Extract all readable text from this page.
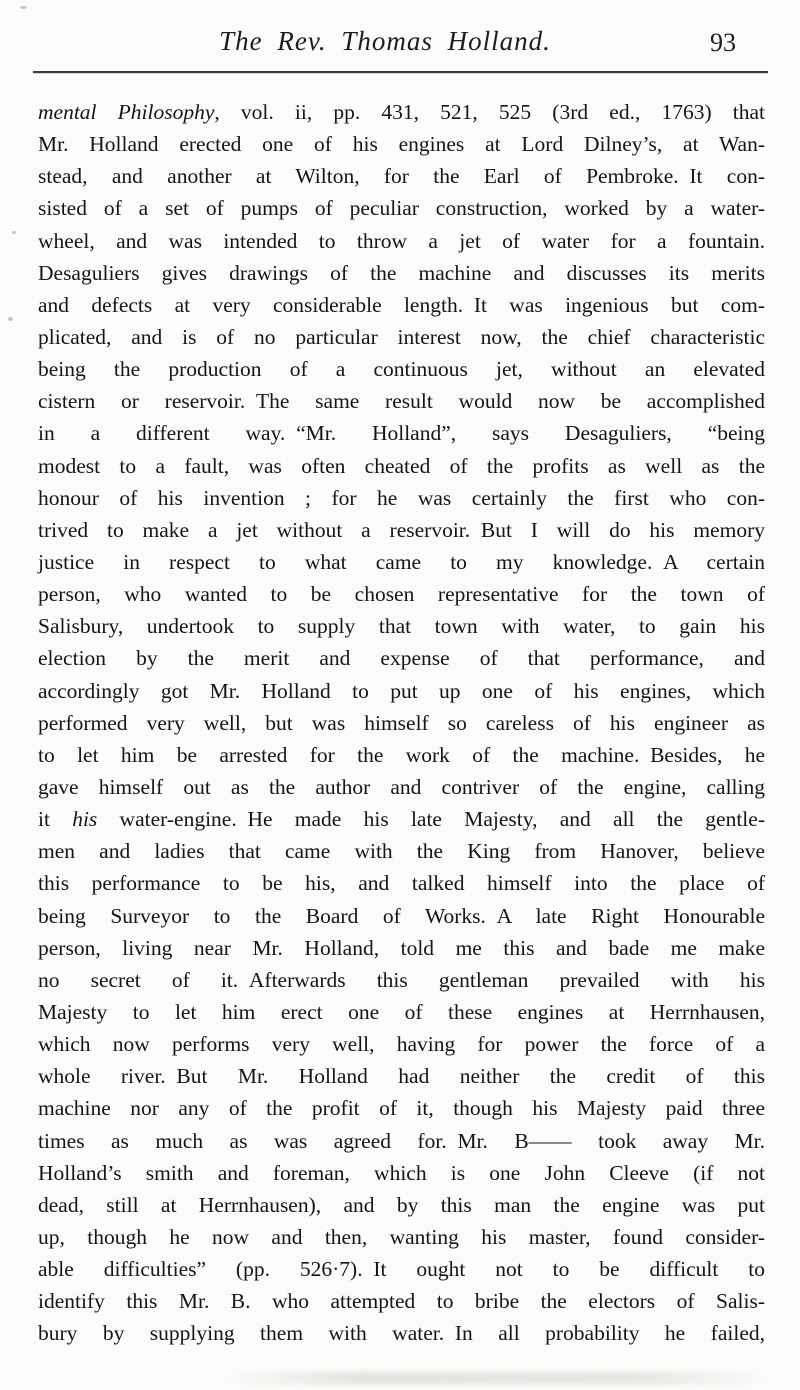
The Rev. Thomas Holland.	93
mental Philosophy, vol. ii, pp. 431, 521, 525 (3rd ed., 1763) that
Mr. Holland erected one of his engines at Lord Dilney’s, at Wan-
stead, and another at Wilton, for the Earl of Pembroke. It con-
sisted of a set of pumps of peculiar construction, worked by a water-
wheel, and was intended to throw a jet of water for a fountain.
Desaguliers gives drawings of the machine and discusses its merits
and defects at very considerable length. It was ingenious but com-
plicated, and is of no particular interest now, the chief characteristic
being the production of a continuous jet, without an elevated
cistern or reservoir. The same result would now be accomplished
in a different way. “Mr. Holland”, says Desaguliers, “being
modest to a fault, was often cheated of the profits as well as the
honour of his invention ; for he was certainly the first who con-
trived to make a jet without a reservoir. But I will do his memory
justice in respect to what came to my knowledge. A certain
person, who wanted to be chosen representative for the town of
Salisbury, undertook to supply that town with water, to gain his
election by the merit and expense of that performance, and
accordingly got Mr. Holland to put up one of his engines, which
performed very well, but was himself so careless of his engineer as
to let him be arrested for the work of the machine. Besides, he
gave himself out as the author and contriver of the engine, calling
it his water-engine. He made his late Majesty, and all the gentle-
men and ladies that came with the King from Hanover, believe
this performance to be his, and talked himself into the place of
being Surveyor to the Board of Works. A late Right Honourable
person, living near Mr. Holland, told me this and bade me make
no secret of it. Afterwards this gentleman prevailed with his
Majesty to let him erect one of these engines at Herrnhausen,
which now performs very well, having for power the force of a
whole river. But Mr. Holland had neither the credit of this
machine nor any of the profit of it, though his Majesty paid three
times as much as was agreed for. Mr. B—— took away Mr.
Holland’s smith and foreman, which is one John Cleeve (if not
dead, still at Herrnhausen), and by this man the engine was put
up, though he now and then, wanting his master, found consider-
able difficulties” (pp. 526·7). It ought not to be difficult to
identify this Mr. B. who attempted to bribe the electors of Salis-
bury by supplying them with water. In all probability he failed,
